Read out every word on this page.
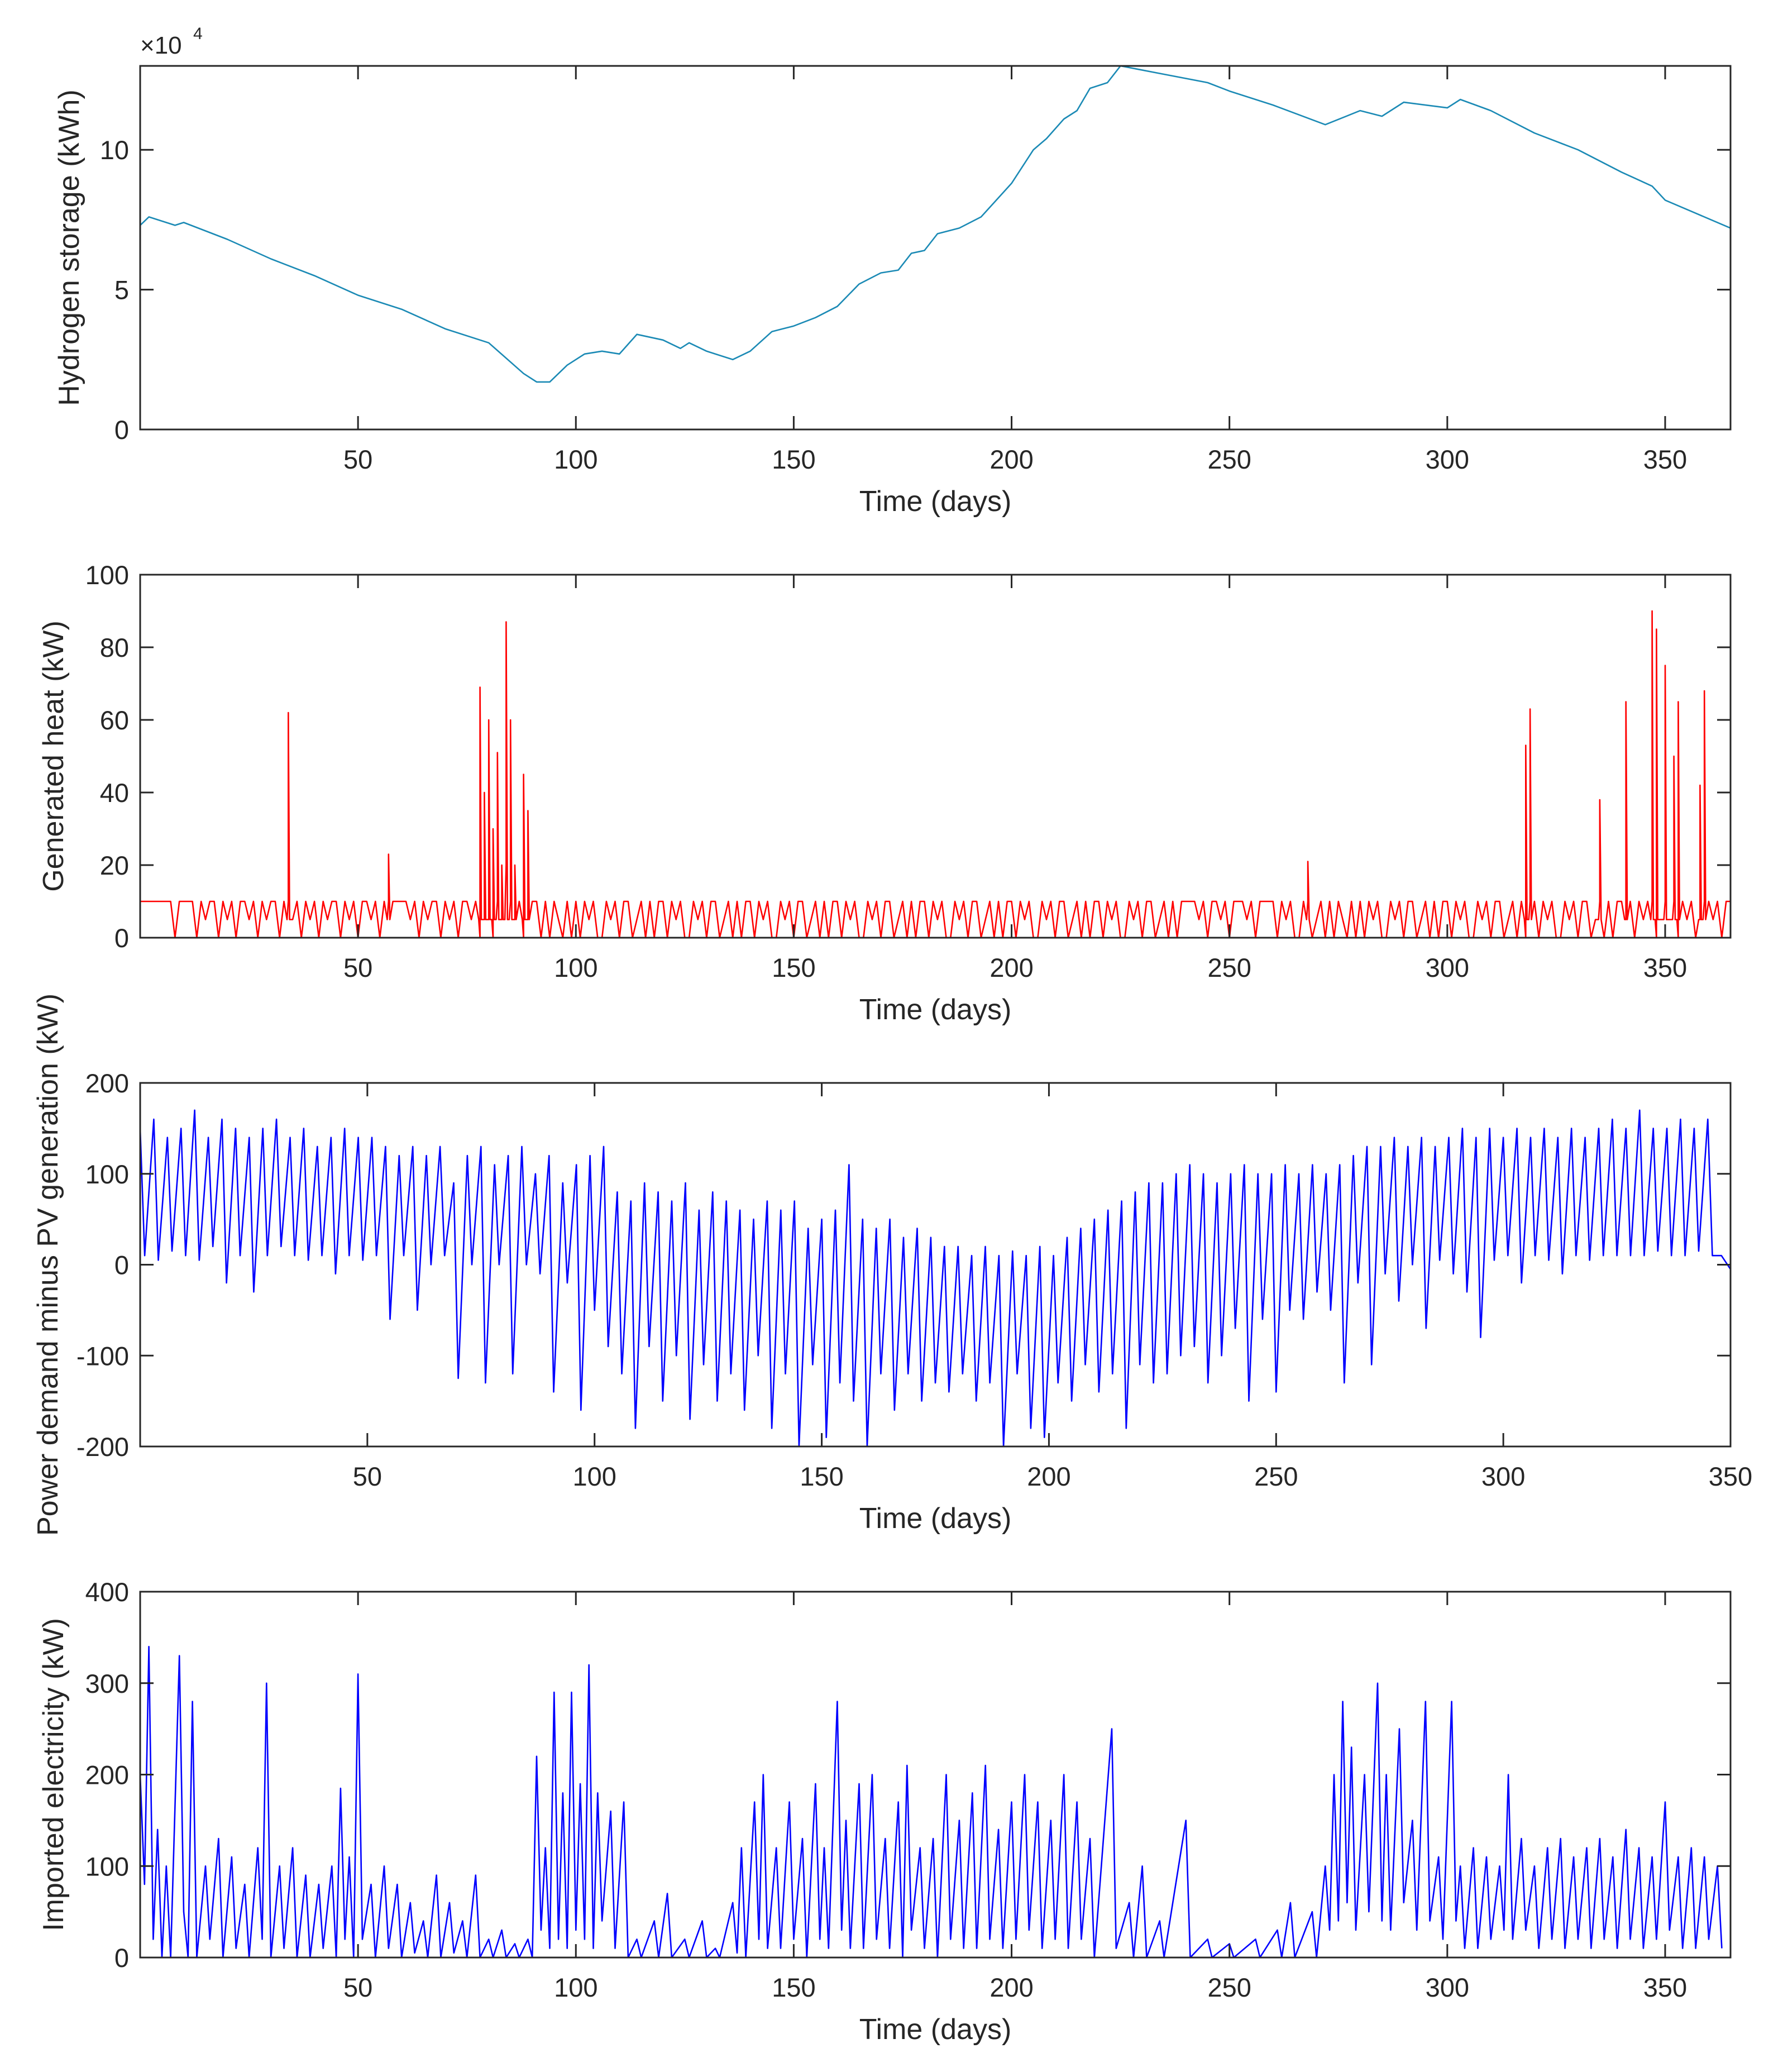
50	100	150	200	250	300	350
0
5
10
Time (days)
Hydrogen storage (kWh)
×10 4
50	100	150	200	250	300	350
0
20
40
60
80
100
Time (days)
Generated heat (kW)
50	100	150	200	250	300	350
-200
-100
0
100
200
Time (days)
Power demand minus PV generation (kW)
50	100	150	200	250	300	350
0
100
200
300
400
Time (days)
Imported electricity (kW)
